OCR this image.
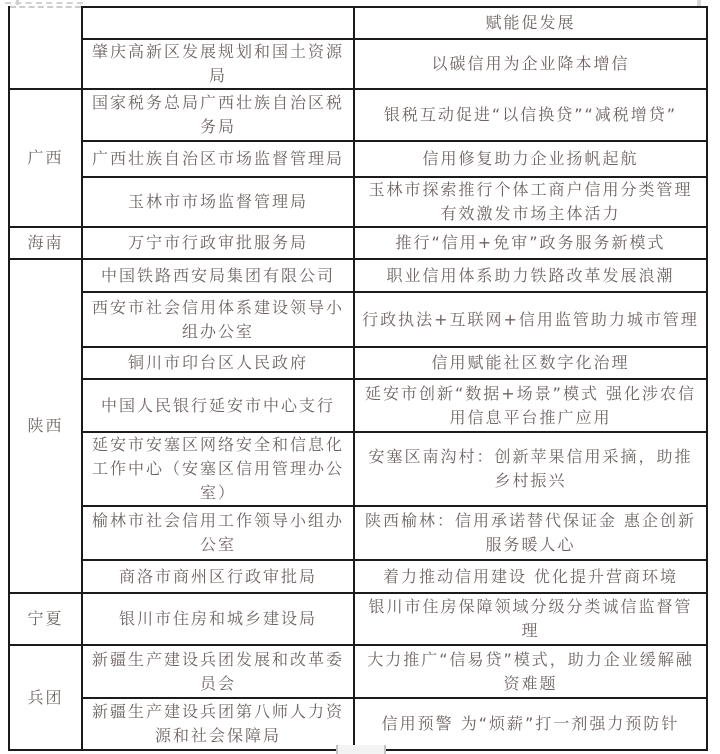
		赋能促发展
	肇庆高新区发展规划和国土资源局	以碳信用为企业降本增信
广西	国家税务总局广西壮族自治区税务局	银税互动促进“以信换贷”“减税增贷”
	广西壮族自治区市场监督管理局	信用修复助力企业扬帆起航
	玉林市市场监督管理局	玉林市探索推行个体工商户信用分类管理 有效激发市场主体活力
海南	万宁市行政审批服务局	推行“信用+免审”政务服务新模式
陕西	中国铁路西安局集团有限公司	职业信用体系助力铁路改革发展浪潮
	西安市社会信用体系建设领导小组办公室	行政执法+互联网+信用监管助力城市管理
	铜川市印台区人民政府	信用赋能社区数字化治理
	中国人民银行延安市中心支行	延安市创新“数据+场景”模式 强化涉农信用信息平台推广应用
	延安市安塞区网络安全和信息化工作中心（安塞区信用管理办公室）	安塞区南沟村：创新苹果信用采摘，助推乡村振兴
	榆林市社会信用工作领导小组办公室	陕西榆林：信用承诺替代保证金 惠企创新服务暖人心
	商洛市商州区行政审批局	着力推动信用建设 优化提升营商环境
宁夏	银川市住房和城乡建设局	银川市住房保障领域分级分类诚信监督管理
兵团	新疆生产建设兵团发展和改革委员会	大力推广“信易贷”模式，助力企业缓解融资难题
	新疆生产建设兵团第八师人力资源和社会保障局	信用预警 为“烦薪”打一剂强力预防针
